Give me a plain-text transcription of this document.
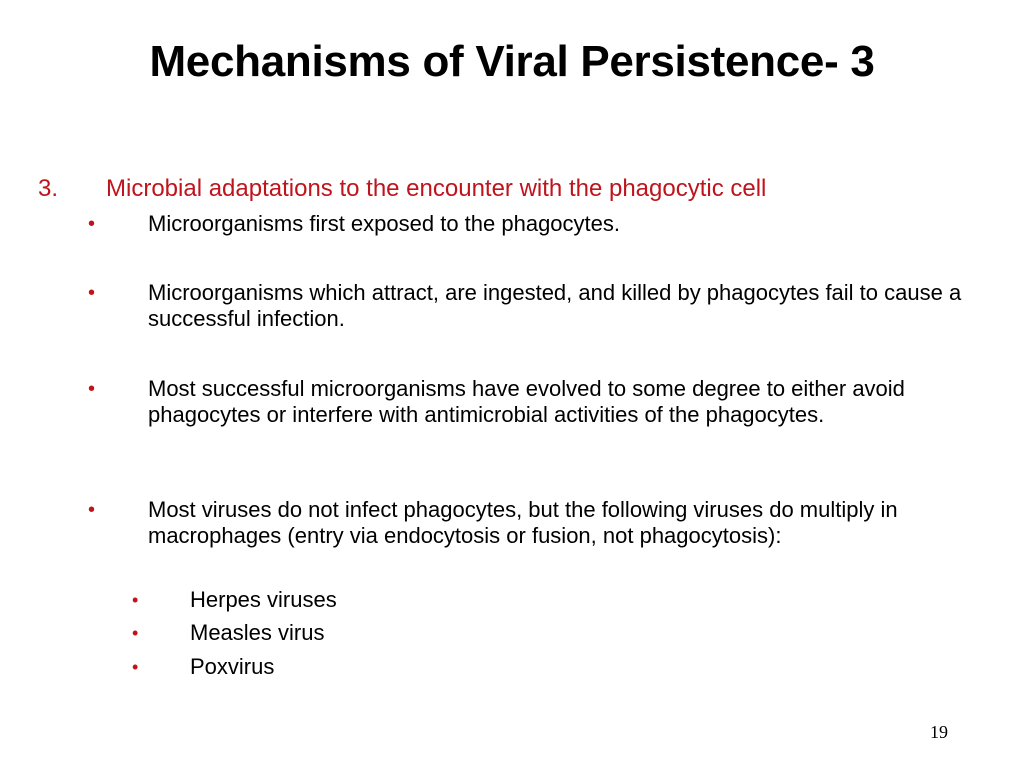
Mechanisms of Viral Persistence- 3
3. Microbial adaptations to the encounter with the phagocytic cell
• Microorganisms first exposed to the phagocytes.
• Microorganisms which attract, are ingested, and killed by phagocytes fail to cause a successful infection.
• Most successful microorganisms have evolved to some degree to either avoid phagocytes or interfere with antimicrobial activities of the phagocytes.
• Most viruses do not infect phagocytes, but the following viruses do multiply in macrophages (entry via endocytosis or fusion, not phagocytosis):
• Herpes viruses
• Measles virus
• Poxvirus
19
